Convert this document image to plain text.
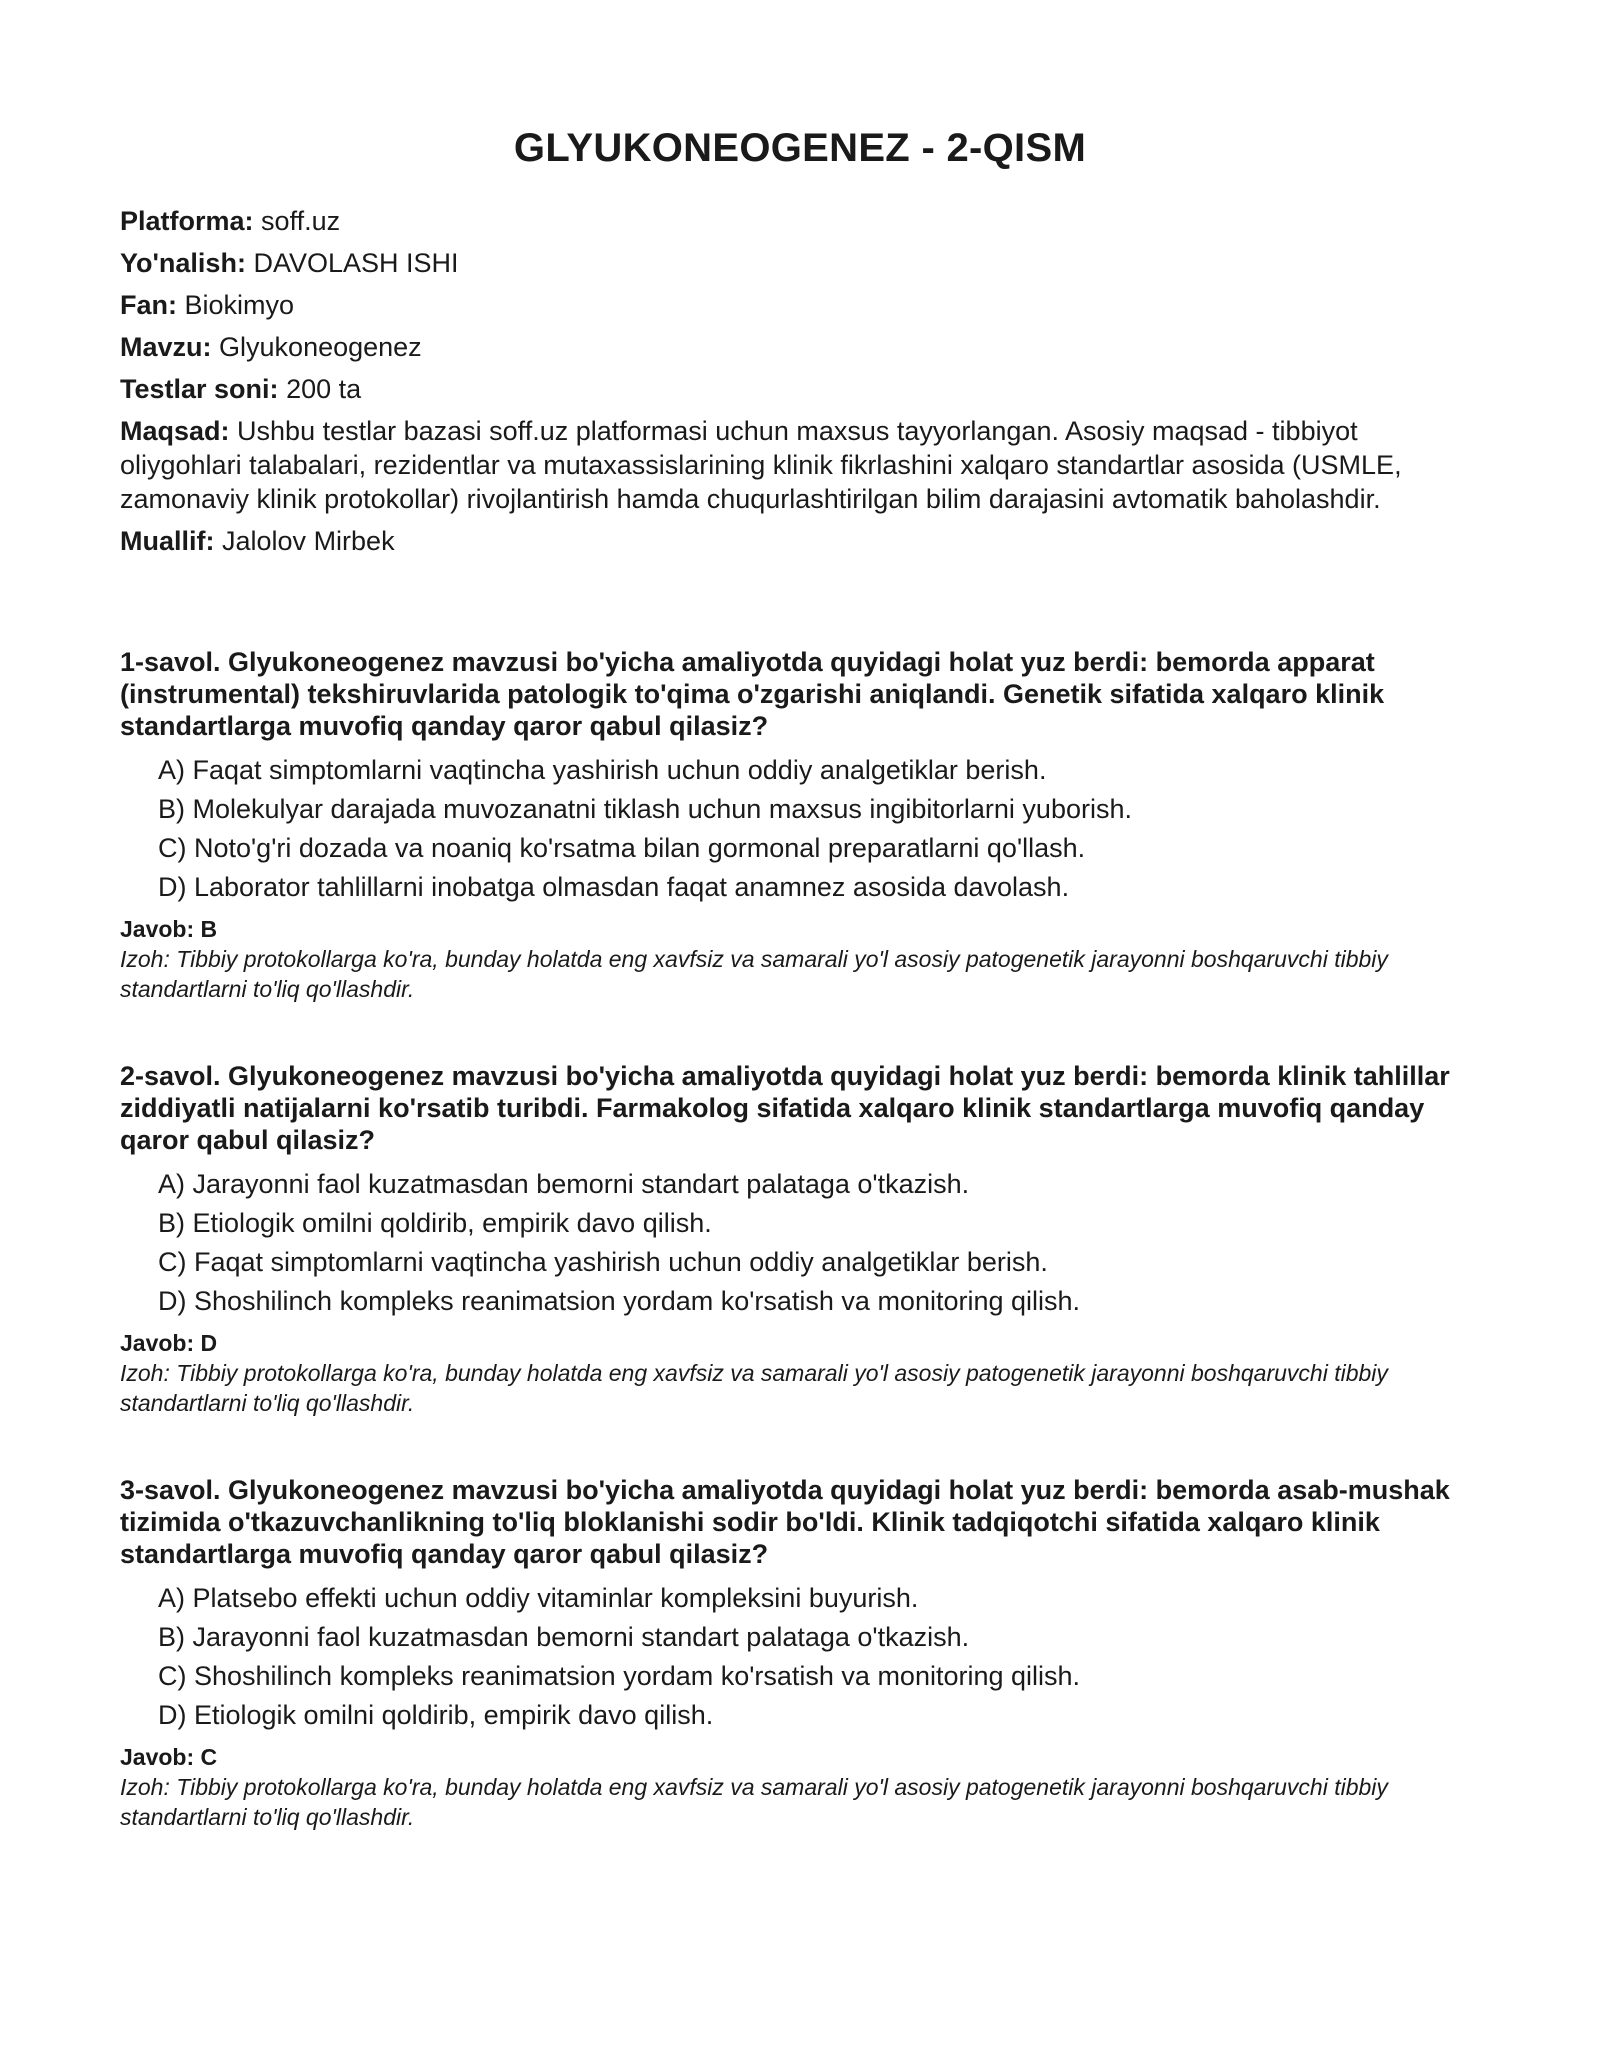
GLYUKONEOGENEZ - 2-QISM
Platforma: soff.uz
Yo'nalish: DAVOLASH ISHI
Fan: Biokimyo
Mavzu: Glyukoneogenez
Testlar soni: 200 ta
Maqsad: Ushbu testlar bazasi soff.uz platformasi uchun maxsus tayyorlangan. Asosiy maqsad - tibbiyot oliygohlari talabalari, rezidentlar va mutaxassislarining klinik fikrlashini xalqaro standartlar asosida (USMLE, zamonaviy klinik protokollar) rivojlantirish hamda chuqurlashtirilgan bilim darajasini avtomatik baholashdir.
Muallif: Jalolov Mirbek
1-savol. Glyukoneogenez mavzusi bo'yicha amaliyotda quyidagi holat yuz berdi: bemorda apparat (instrumental) tekshiruvlarida patologik to'qima o'zgarishi aniqlandi. Genetik sifatida xalqaro klinik standartlarga muvofiq qanday qaror qabul qilasiz?
A) Faqat simptomlarni vaqtincha yashirish uchun oddiy analgetiklar berish.
B) Molekulyar darajada muvozanatni tiklash uchun maxsus ingibitorlarni yuborish.
C) Noto'g'ri dozada va noaniq ko'rsatma bilan gormonal preparatlarni qo'llash.
D) Laborator tahlillarni inobatga olmasdan faqat anamnez asosida davolash.
Javob: B
Izoh: Tibbiy protokollarga ko'ra, bunday holatda eng xavfsiz va samarali yo'l asosiy patogenetik jarayonni boshqaruvchi tibbiy standartlarni to'liq qo'llashdir.
2-savol. Glyukoneogenez mavzusi bo'yicha amaliyotda quyidagi holat yuz berdi: bemorda klinik tahlillar ziddiyatli natijalarni ko'rsatib turibdi. Farmakolog sifatida xalqaro klinik standartlarga muvofiq qanday qaror qabul qilasiz?
A) Jarayonni faol kuzatmasdan bemorni standart palataga o'tkazish.
B) Etiologik omilni qoldirib, empirik davo qilish.
C) Faqat simptomlarni vaqtincha yashirish uchun oddiy analgetiklar berish.
D) Shoshilinch kompleks reanimatsion yordam ko'rsatish va monitoring qilish.
Javob: D
Izoh: Tibbiy protokollarga ko'ra, bunday holatda eng xavfsiz va samarali yo'l asosiy patogenetik jarayonni boshqaruvchi tibbiy standartlarni to'liq qo'llashdir.
3-savol. Glyukoneogenez mavzusi bo'yicha amaliyotda quyidagi holat yuz berdi: bemorda asab-mushak tizimida o'tkazuvchanlikning to'liq bloklanishi sodir bo'ldi. Klinik tadqiqotchi sifatida xalqaro klinik standartlarga muvofiq qanday qaror qabul qilasiz?
A) Platsebo effekti uchun oddiy vitaminlar kompleksini buyurish.
B) Jarayonni faol kuzatmasdan bemorni standart palataga o'tkazish.
C) Shoshilinch kompleks reanimatsion yordam ko'rsatish va monitoring qilish.
D) Etiologik omilni qoldirib, empirik davo qilish.
Javob: C
Izoh: Tibbiy protokollarga ko'ra, bunday holatda eng xavfsiz va samarali yo'l asosiy patogenetik jarayonni boshqaruvchi tibbiy standartlarni to'liq qo'llashdir.
